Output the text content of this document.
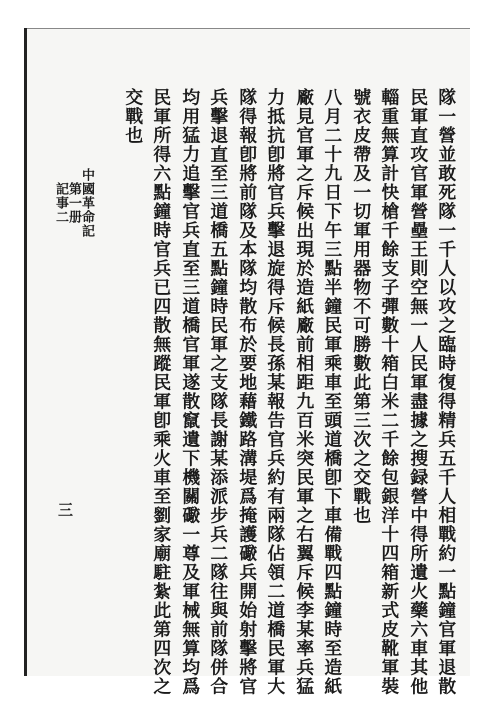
隊一營並敢死隊一千人以攻之臨時復得精兵五千人相戰約一點鐘官軍退散
民軍直攻官軍營壘王則空無一人民軍盡據之搜録營中得所遺火藥六車其他
輜重無算計快槍千餘支子彈數十箱白米二千餘包銀洋十四箱新式皮靴軍裝
號衣皮帶及一切軍用器物不可勝數此第三次之交戰也
八月二十九日下午三點半鐘民軍乘車至頭道橋卽下車備戰四點鐘時至造紙
廠見官軍之斥候出現於造紙廠前相距九百米突民軍之右翼斥候李某率兵猛
力抵抗卽將官兵擊退旋得斥候長孫某報告官兵約有兩隊佔領二道橋民軍大
隊得報卽將前隊及本隊均散布於要地藉鐵路溝堤爲掩護礮兵開始射擊將官
兵擊退直至三道橋五點鐘時民軍之支隊長謝某添派步兵二隊往與前隊併合
均用猛力追擊官兵直至三道橋官軍遂散竄遺下機關礮一尊及軍械無算均爲
民軍所得六點鐘時官兵已四散無蹤民軍卽乘火車至劉家廟駐紮此第四次之
交戰也
中國革命記
第一册
記事二
三
